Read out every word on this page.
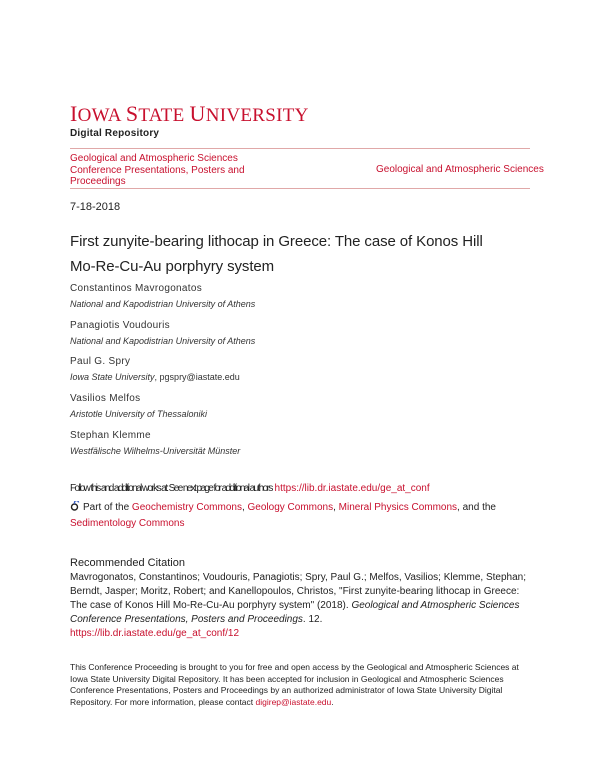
IOWA STATE UNIVERSITY
Digital Repository
Geological and Atmospheric Sciences
Conference Presentations, Posters and
Proceedings
Geological and Atmospheric Sciences
7-18-2018
First zunyite-bearing lithocap in Greece: The case of Konos Hill
Mo-Re-Cu-Au porphyry system
Constantinos Mavrogonatos
National and Kapodistrian University of Athens
Panagiotis Voudouris
National and Kapodistrian University of Athens
Paul G. Spry
Iowa State University, pgspry@iastate.edu
Vasilios Melfos
Aristotle University of Thessaloniki
Stephan Klemme
Westfälische Wilhelms-Universität Münster
Follow this and additional works at: See next page for additional authors https://lib.dr.iastate.edu/ge_at_conf
Part of the Geochemistry Commons, Geology Commons, Mineral Physics Commons, and the
Sedimentology Commons
Recommended Citation
Mavrogonatos, Constantinos; Voudouris, Panagiotis; Spry, Paul G.; Melfos, Vasilios; Klemme, Stephan; Berndt, Jasper; Moritz, Robert; and Kanellopoulos, Christos, "First zunyite-bearing lithocap in Greece: The case of Konos Hill Mo-Re-Cu-Au porphyry system" (2018). Geological and Atmospheric Sciences Conference Presentations, Posters and Proceedings. 12.
https://lib.dr.iastate.edu/ge_at_conf/12
This Conference Proceeding is brought to you for free and open access by the Geological and Atmospheric Sciences at Iowa State University Digital Repository. It has been accepted for inclusion in Geological and Atmospheric Sciences Conference Presentations, Posters and Proceedings by an authorized administrator of Iowa State University Digital Repository. For more information, please contact digirep@iastate.edu.
